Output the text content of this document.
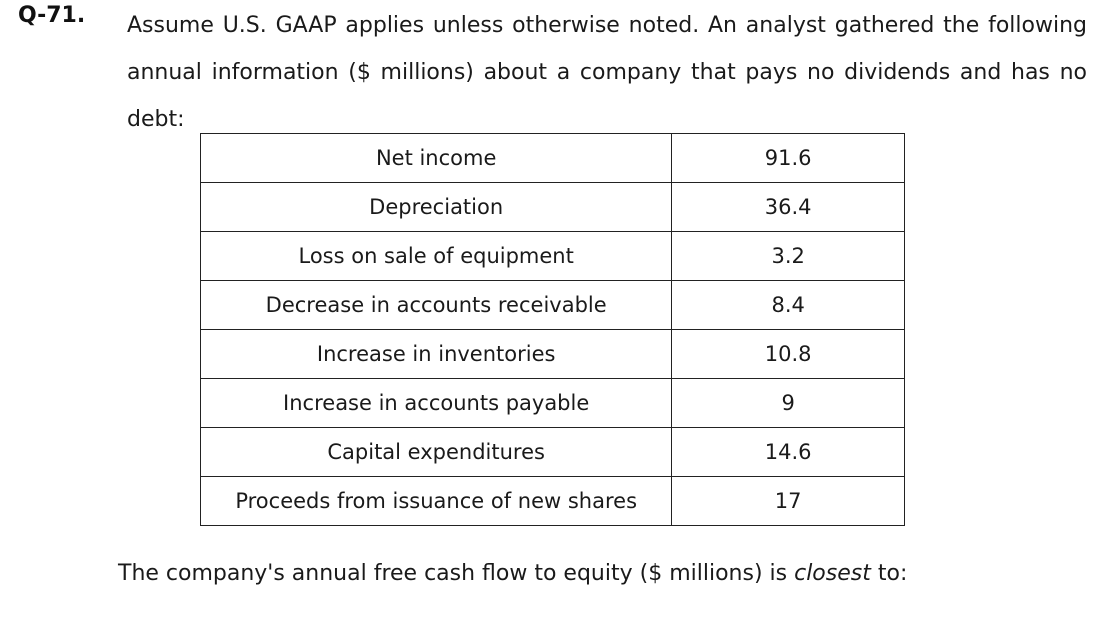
Q-71. Assume U.S. GAAP applies unless otherwise noted. An analyst gathered the following
annual information ($ millions) about a company that pays no dividends and has no
debt:
Net income	91.6
Depreciation	36.4
Loss on sale of equipment	3.2
Decrease in accounts receivable	8.4
Increase in inventories	10.8
Increase in accounts payable	9
Capital expenditures	14.6
Proceeds from issuance of new shares	17
The company's annual free cash flow to equity ($ millions) is closest to:
